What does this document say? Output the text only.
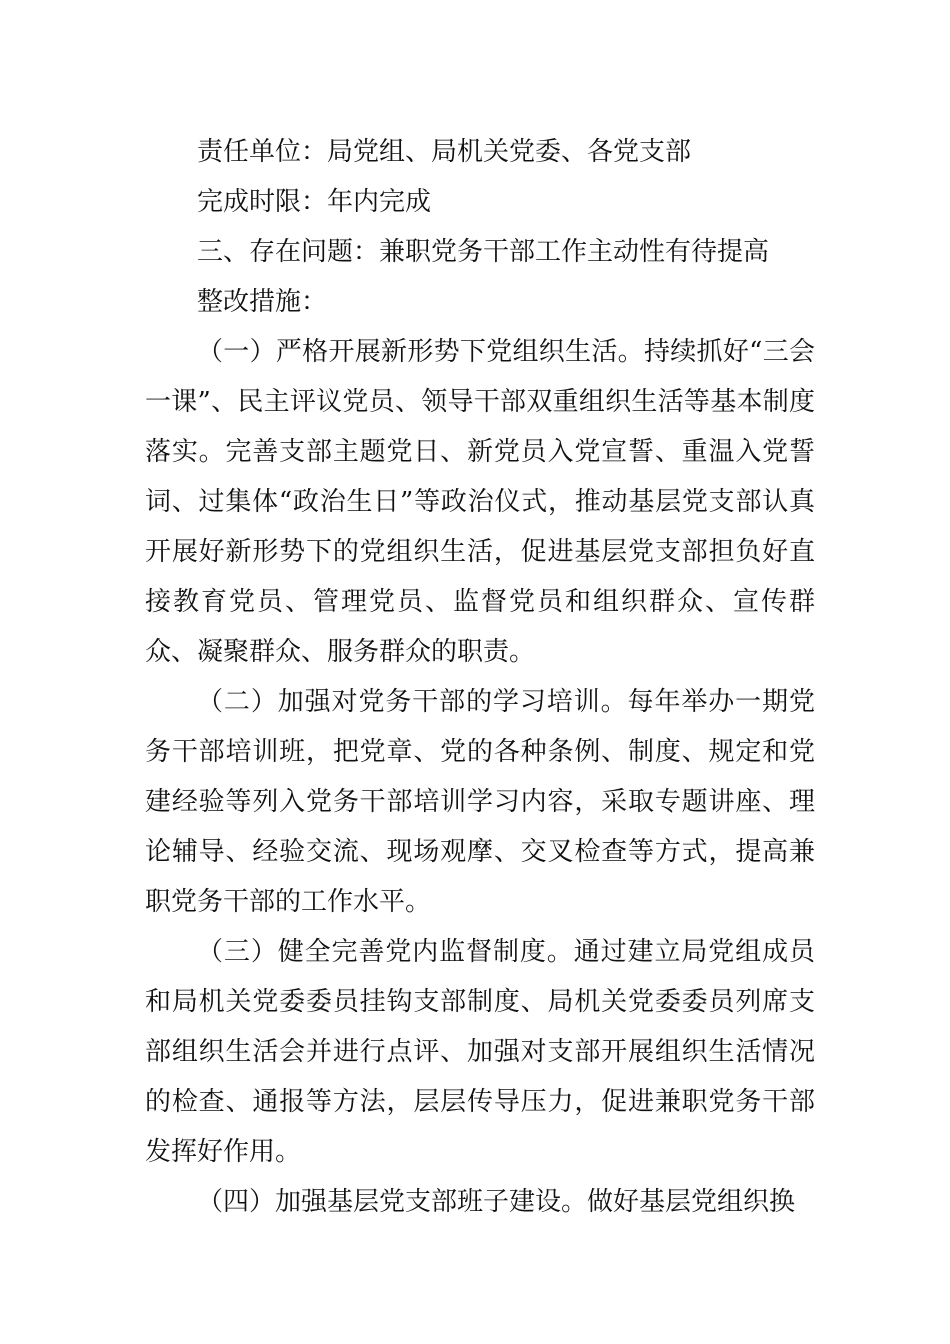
责任单位：局党组、局机关党委、各党支部

完成时限：年内完成

三、存在问题：兼职党务干部工作主动性有待提高

整改措施：

（一）严格开展新形势下党组织生活。持续抓好“三会一课”、民主评议党员、领导干部双重组织生活等基本制度落实。完善支部主题党日、新党员入党宣誓、重温入党誓词、过集体“政治生日”等政治仪式，推动基层党支部认真开展好新形势下的党组织生活，促进基层党支部担负好直接教育党员、管理党员、监督党员和组织群众、宣传群众、凝聚群众、服务群众的职责。

（二）加强对党务干部的学习培训。每年举办一期党务干部培训班，把党章、党的各种条例、制度、规定和党建经验等列入党务干部培训学习内容，采取专题讲座、理论辅导、经验交流、现场观摩、交叉检查等方式，提高兼职党务干部的工作水平。

（三）健全完善党内监督制度。通过建立局党组成员和局机关党委委员挂钩支部制度、局机关党委委员列席支部组织生活会并进行点评、加强对支部开展组织生活情况的检查、通报等方法，层层传导压力，促进兼职党务干部发挥好作用。

（四）加强基层党支部班子建设。做好基层党组织换
